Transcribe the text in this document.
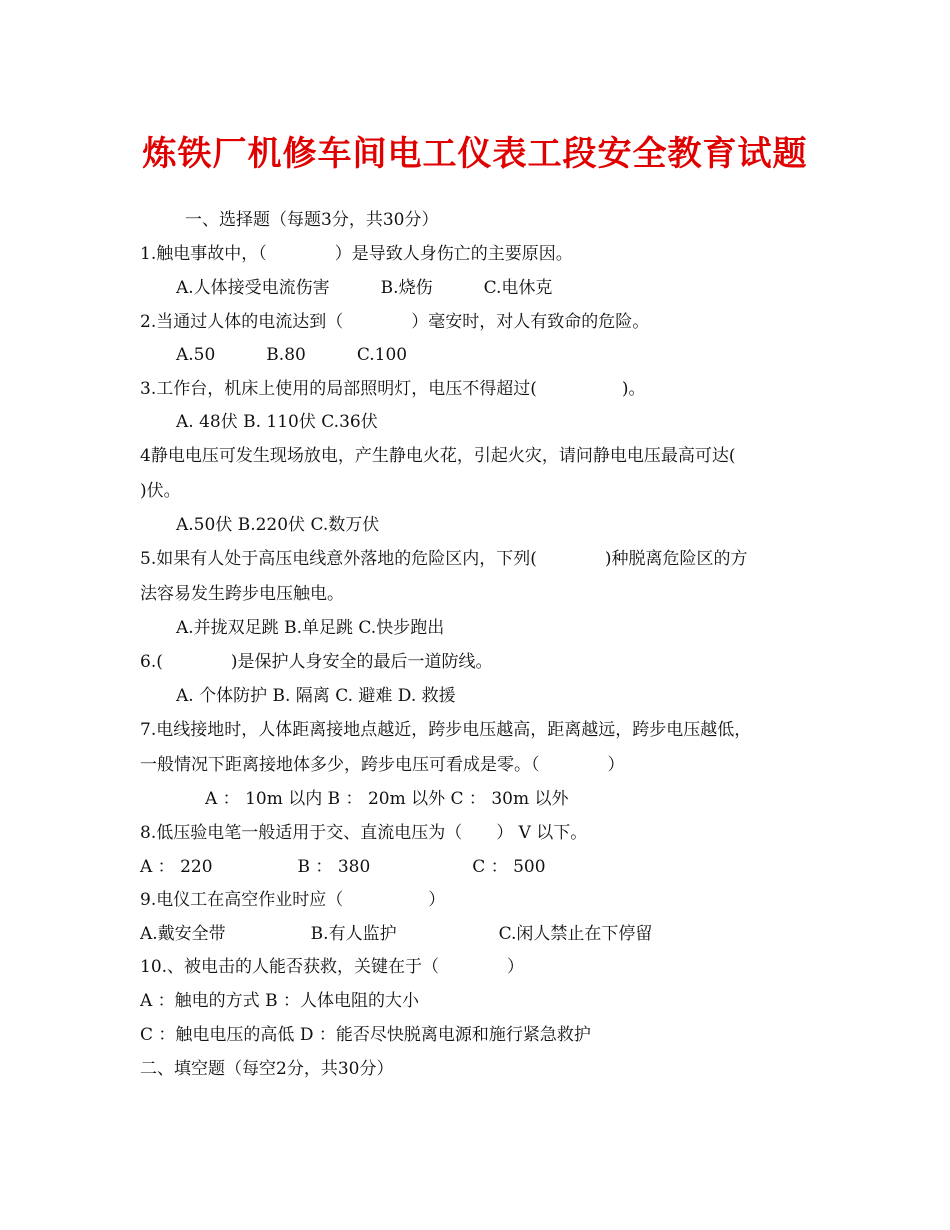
炼铁厂机修车间电工仪表工段安全教育试题
一、选择题（每题3分，共30分）
1.触电事故中，（　　　　）是导致人身伤亡的主要原因。
A.人体接受电流伤害　　　B.烧伤　　　C.电休克
2.当通过人体的电流达到（　　　　）毫安时，对人有致命的危险。
A.50　　　B.80　　　C.100
3.工作台，机床上使用的局部照明灯，电压不得超过(　　　　　)。
A. 48伏 B. 110伏 C.36伏
4静电电压可发生现场放电，产生静电火花，引起火灾，请问静电电压最高可达(
)伏。
A.50伏 B.220伏 C.数万伏
5.如果有人处于高压电线意外落地的危险区内，下列(　　　　)种脱离危险区的方
法容易发生跨步电压触电。
A.并拢双足跳 B.单足跳 C.快步跑出
6.(　　　　)是保护人身安全的最后一道防线。
A. 个体防护 B. 隔离 C. 避难 D. 救援
7.电线接地时，人体距离接地点越近，跨步电压越高，距离越远，跨步电压越低，
一般情况下距离接地体多少，跨步电压可看成是零。（　　　　）
A ： 10m 以内 B ： 20m 以外 C ： 30m 以外
8.低压验电笔一般适用于交、直流电压为（　　） V 以下。
A ： 220　　　　　B ： 380　　　　　　C ： 500
9.电仪工在高空作业时应（　　　　　）
A.戴安全带　　　　　B.有人监护　　　　　　C.闲人禁止在下停留
10.、被电击的人能否获救，关键在于（　　　　）
A ：触电的方式 B ：人体电阻的大小
C ：触电电压的高低 D ：能否尽快脱离电源和施行紧急救护
二、填空题（每空2分，共30分）
